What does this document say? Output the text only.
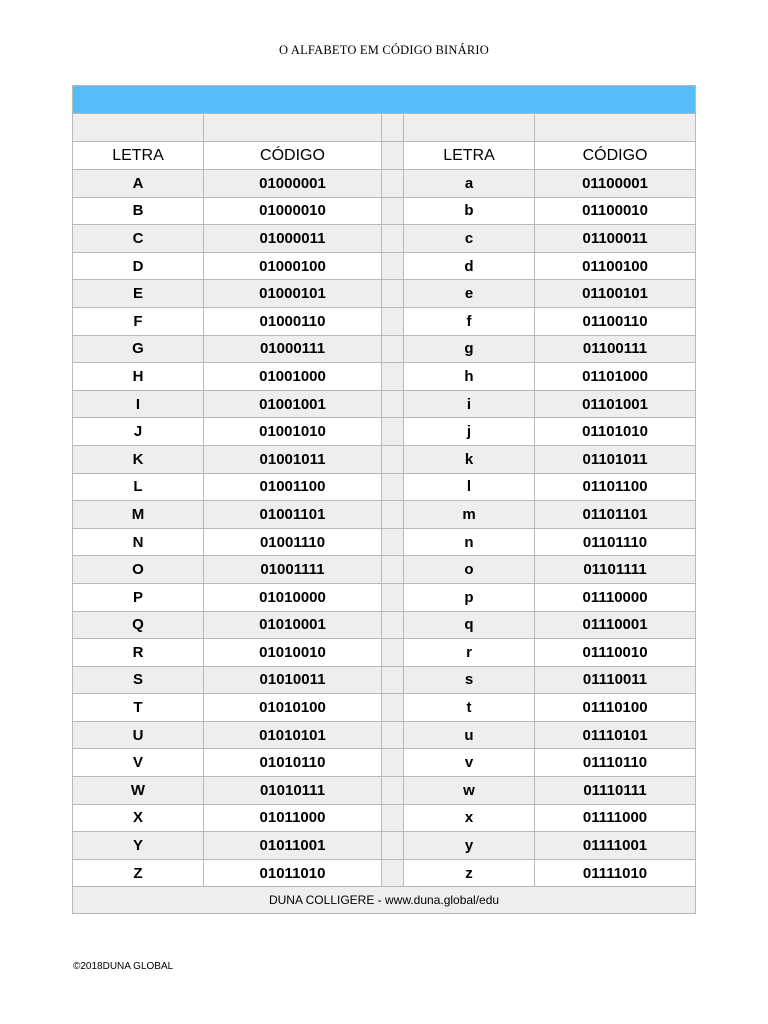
O ALFABETO EM CÓDIGO BINÁRIO

LETRA	CÓDIGO		LETRA	CÓDIGO
A	01000001		a	01100001
B	01000010		b	01100010
C	01000011		c	01100011
D	01000100		d	01100100
E	01000101		e	01100101
F	01000110		f	01100110
G	01000111		g	01100111
H	01001000		h	01101000
I	01001001		i	01101001
J	01001010		j	01101010
K	01001011		k	01101011
L	01001100		l	01101100
M	01001101		m	01101101
N	01001110		n	01101110
O	01001111		o	01101111
P	01010000		p	01110000
Q	01010001		q	01110001
R	01010010		r	01110010
S	01010011		s	01110011
T	01010100		t	01110100
U	01010101		u	01110101
V	01010110		v	01110110
W	01010111		w	01110111
X	01011000		x	01111000
Y	01011001		y	01111001
Z	01011010		z	01111010
DUNA COLLIGERE - www.duna.global/edu				
©2018DUNA GLOBAL
